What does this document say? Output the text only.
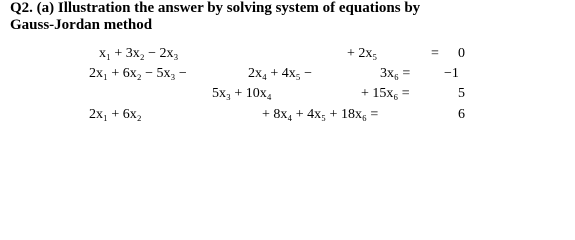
Q2. (a) Illustration the answer by solving system of equations by
Gauss-Jordan method
x₁ + 3x₂ − 2x₃	+ 2x₅	= 0
2x₁ + 6x₂ − 5x₃ −	2x₄ + 4x₅ −	3x₆ = −1
5x₃ + 10x₄	+ 15x₆ =	5
2x₁ + 6x₂	+ 8x₄ + 4x₅ + 18x₆ =	6
